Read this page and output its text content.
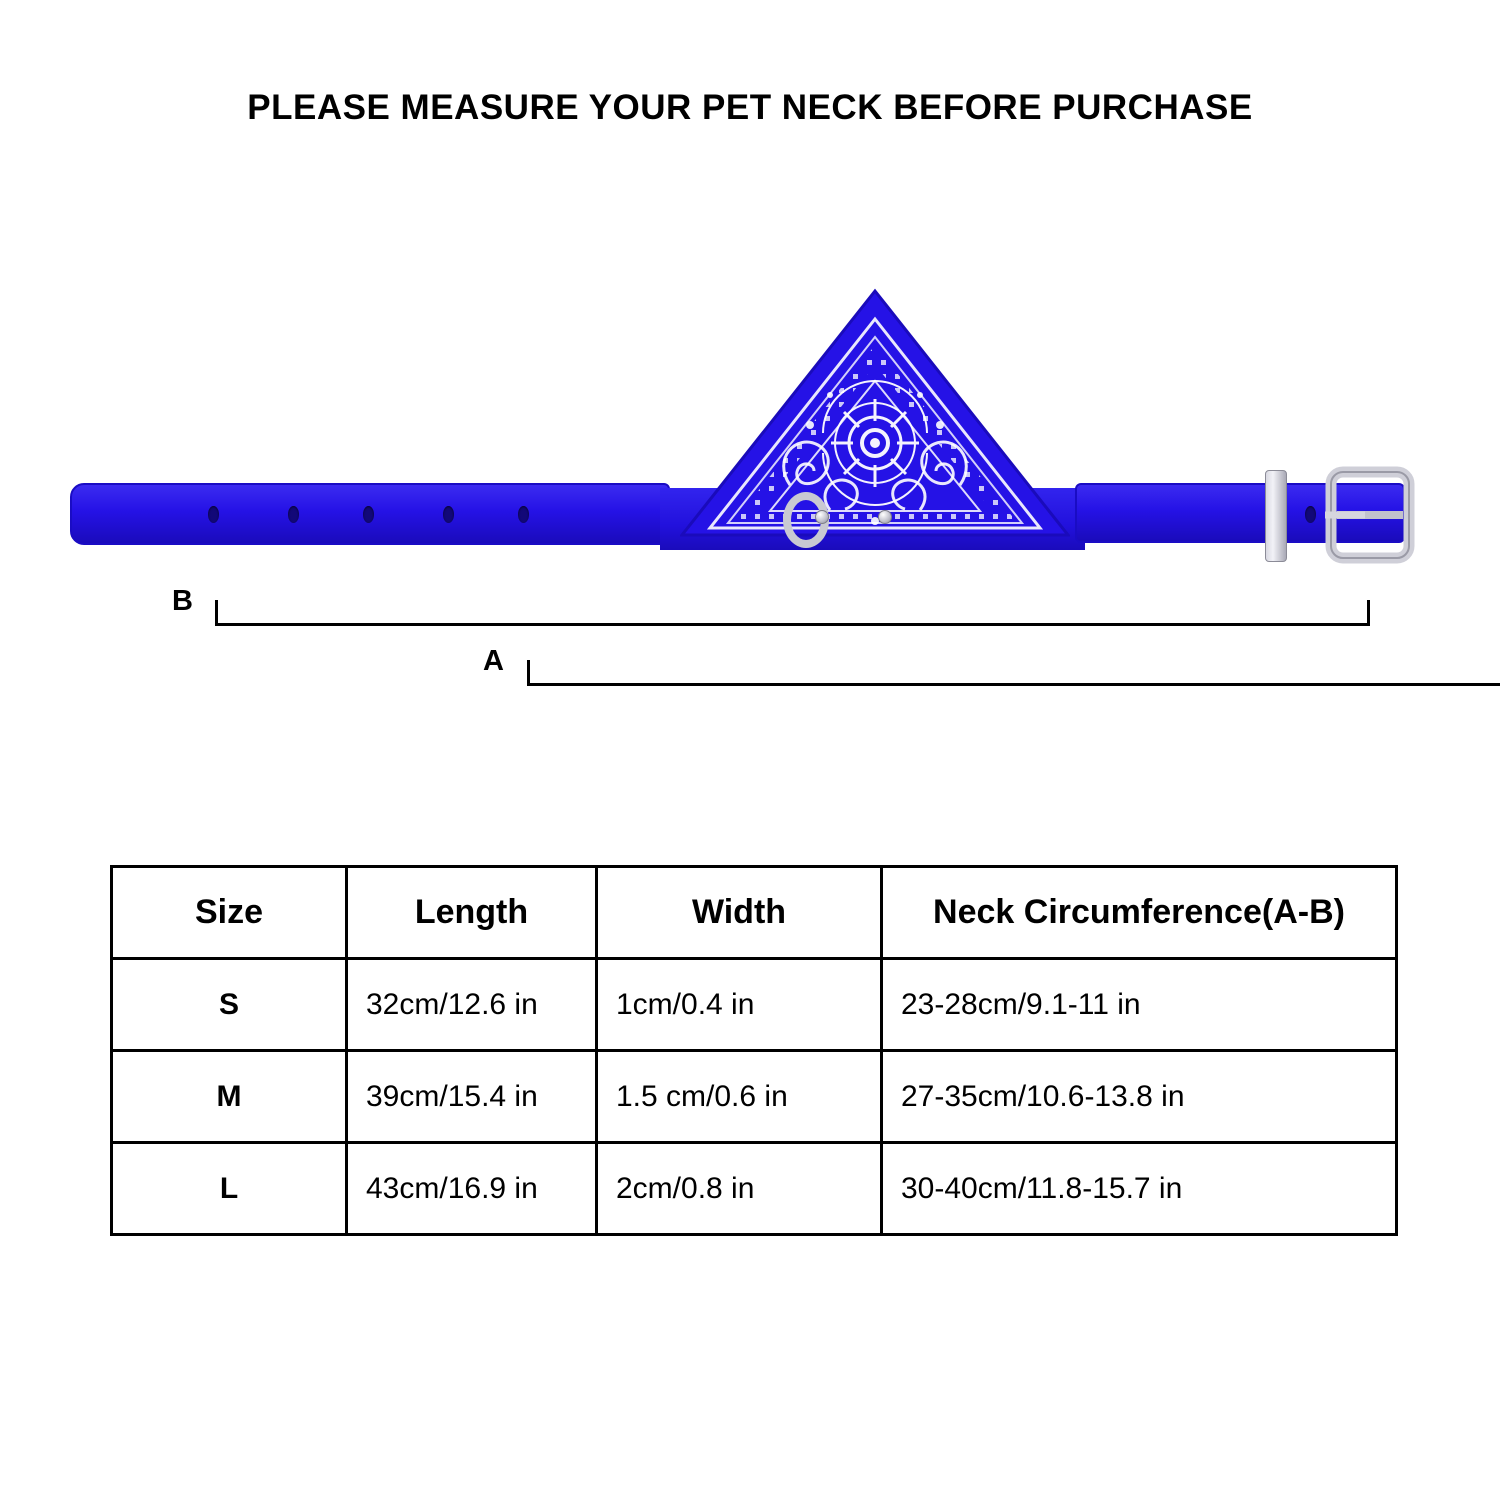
PLEASE MEASURE YOUR PET NECK BEFORE PURCHASE
B
A
Size	Length	Width	Neck Circumference(A-B)
S	32cm/12.6 in	1cm/0.4 in	23-28cm/9.1-11 in
M	39cm/15.4 in	1.5 cm/0.6 in	27-35cm/10.6-13.8 in
L	43cm/16.9 in	2cm/0.8 in	30-40cm/11.8-15.7 in
